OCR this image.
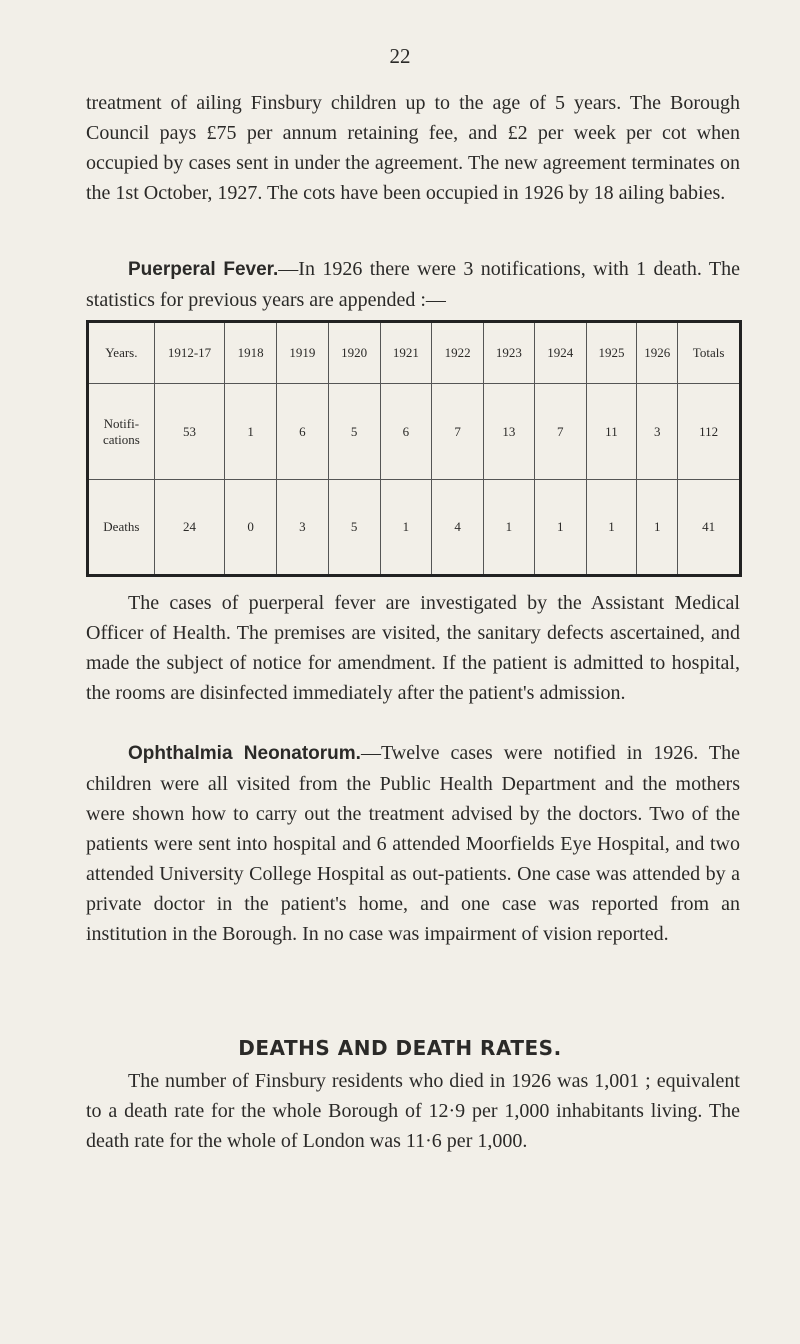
22

treatment of ailing Finsbury children up to the age of 5 years. The Borough Council pays £75 per annum retaining fee, and £2 per week per cot when occupied by cases sent in under the agreement. The new agreement terminates on the 1st October, 1927. The cots have been occupied in 1926 by 18 ailing babies.

Puerperal Fever.—In 1926 there were 3 notifications, with 1 death. The statistics for previous years are appended :—

Years.	1912-17	1918	1919	1920	1921	1922	1923	1924	1925	1926	Totals
Notifi-
cations	53	1	6	5	6	7	13	7	11	3	112
Deaths	24	0	3	5	1	4	1	1	1	1	41

The cases of puerperal fever are investigated by the Assistant Medical Officer of Health. The premises are visited, the sanitary defects ascertained, and made the subject of notice for amendment. If the patient is admitted to hospital, the rooms are disinfected immediately after the patient's admission.

Ophthalmia Neonatorum.—Twelve cases were notified in 1926. The children were all visited from the Public Health Department and the mothers were shown how to carry out the treatment advised by the doctors. Two of the patients were sent into hospital and 6 attended Moorfields Eye Hospital, and two attended University College Hospital as out-patients. One case was attended by a private doctor in the patient's home, and one case was reported from an institution in the Borough. In no case was impairment of vision reported.

DEATHS AND DEATH RATES.

The number of Finsbury residents who died in 1926 was 1,001 ; equivalent to a death rate for the whole Borough of 12·9 per 1,000 inhabitants living. The death rate for the whole of London was 11·6 per 1,000.
